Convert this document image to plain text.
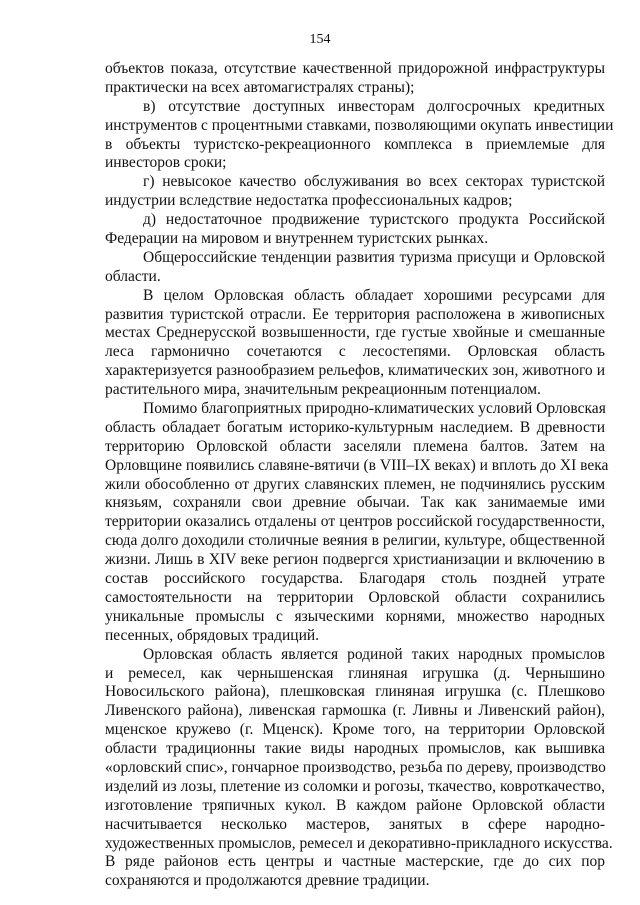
154
объектов показа, отсутствие качественной придорожной инфраструктуры
практически на всех автомагистралях страны);
в) отсутствие доступных инвесторам долгосрочных кредитных
инструментов с процентными ставками, позволяющими окупать инвестиции
в объекты туристско-рекреационного комплекса в приемлемые для
инвесторов сроки;
г) невысокое качество обслуживания во всех секторах туристской
индустрии вследствие недостатка профессиональных кадров;
д) недостаточное продвижение туристского продукта Российской
Федерации на мировом и внутреннем туристских рынках.
Общероссийские тенденции развития туризма присущи и Орловской
области.
В целом Орловская область обладает хорошими ресурсами для
развития туристской отрасли. Ее территория расположена в живописных
местах Среднерусской возвышенности, где густые хвойные и смешанные
леса гармонично сочетаются с лесостепями. Орловская область
характеризуется разнообразием рельефов, климатических зон, животного и
растительного мира, значительным рекреационным потенциалом.
Помимо благоприятных природно-климатических условий Орловская
область обладает богатым историко-культурным наследием. В древности
территорию Орловской области заселяли племена балтов. Затем на
Орловщине появились славяне-вятичи (в VIII–IX веках) и вплоть до XI века
жили обособленно от других славянских племен, не подчинялись русским
князьям, сохраняли свои древние обычаи. Так как занимаемые ими
территории оказались отдалены от центров российской государственности,
сюда долго доходили столичные веяния в религии, культуре, общественной
жизни. Лишь в XIV веке регион подвергся христианизации и включению в
состав российского государства. Благодаря столь поздней утрате
самостоятельности на территории Орловской области сохранились
уникальные промыслы с языческими корнями, множество народных
песенных, обрядовых традиций.
Орловская область является родиной таких народных промыслов
и ремесел, как чернышенская глиняная игрушка (д. Чернышино
Новосильского района), плешковская глиняная игрушка (с. Плешково
Ливенского района), ливенская гармошка (г. Ливны и Ливенский район),
мценское кружево (г. Мценск). Кроме того, на территории Орловской
области традиционны такие виды народных промыслов, как вышивка
«орловский спис», гончарное производство, резьба по дереву, производство
изделий из лозы, плетение из соломки и рогозы, ткачество, ковроткачество,
изготовление тряпичных кукол. В каждом районе Орловской области
насчитывается несколько мастеров, занятых в сфере народно-
художественных промыслов, ремесел и декоративно-прикладного искусства.
В ряде районов есть центры и частные мастерские, где до сих пор
сохраняются и продолжаются древние традиции.
